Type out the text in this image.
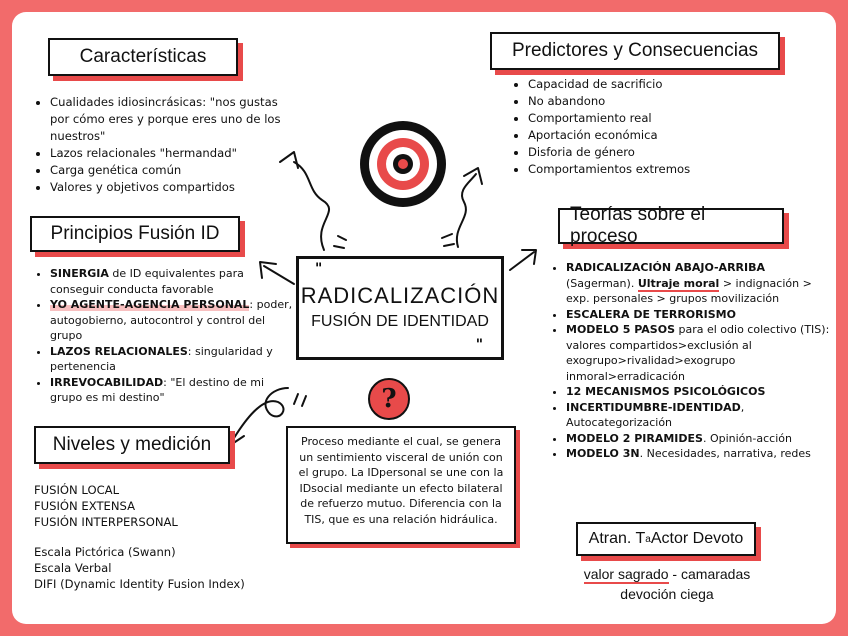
Características
• Cualidades idiosincrásicas: "nos gustas por cómo eres y porque eres uno de los nuestros"
• Lazos relacionales "hermandad"
• Carga genética común
• Valores y objetivos compartidos
Predictores y Consecuencias
• Capacidad de sacrificio
• No abandono
• Comportamiento real
• Aportación económica
• Disforia de género
• Comportamientos extremos
Principios Fusión ID
• SINERGIA de ID equivalentes para conseguir conducta favorable
• YO AGENTE-AGENCIA PERSONAL: poder, autogobierno, autocontrol y control del grupo
• LAZOS RELACIONALES: singularidad y pertenencia
• IRREVOCABILIDAD: "El destino de mi grupo es mi destino"
"
"
RADICALIZACIÓN
FUSIÓN DE IDENTIDAD
?
Proceso mediante el cual, se genera un sentimiento visceral de unión con el grupo. La IDpersonal se une con la IDsocial mediante un efecto bilateral de refuerzo mutuo. Diferencia con la TIS, que es una relación hidráulica.
Teorías sobre el proceso
• RADICALIZACIÓN ABAJO-ARRIBA (Sagerman). Ultraje moral > indignación > exp. personales > grupos movilización
• ESCALERA DE TERRORISMO
• MODELO 5 PASOS para el odio colectivo (TIS): valores compartidos>exclusión al exogrupo>rivalidad>exogrupo inmoral>erradicación
• 12 MECANISMOS PSICOLÓGICOS
• INCERTIDUMBRE-IDENTIDAD, Autocategorización
• MODELO 2 PIRAMIDES. Opinión-acción
• MODELO 3N. Necesidades, narrativa, redes
Niveles y medición
FUSIÓN LOCAL
FUSIÓN EXTENSA
FUSIÓN INTERPERSONAL
Escala Pictórica (Swann)
Escala Verbal
DIFI (Dynamic Identity Fusion Index)
Atran. T a Actor Devoto
valor sagrado - camaradas
devoción ciega
